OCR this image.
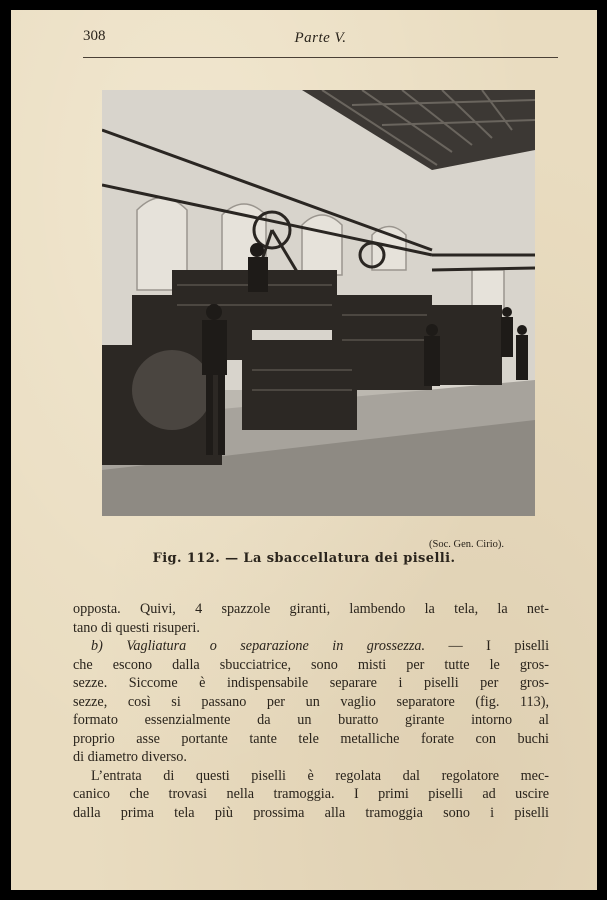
308	Parte V.
(Soc. Gen. Cirio).
Fig. 112. — La sbaccellatura dei piselli.
opposta. Quivi, 4 spazzole giranti, lambendo la tela, la net-
tano di questi risuperi.
b) Vagliatura o separazione in grossezza. — I piselli
che escono dalla sbucciatrice, sono misti per tutte le gros-
sezze. Siccome è indispensabile separare i piselli per gros-
sezze, così si passano per un vaglio separatore (fig. 113),
formato essenzialmente da un buratto girante intorno al
proprio asse portante tante tele metalliche forate con buchi
di diametro diverso.
L’entrata di questi piselli è regolata dal regolatore mec-
canico che trovasi nella tramoggia. I primi piselli ad uscire
dalla prima tela più prossima alla tramoggia sono i piselli
